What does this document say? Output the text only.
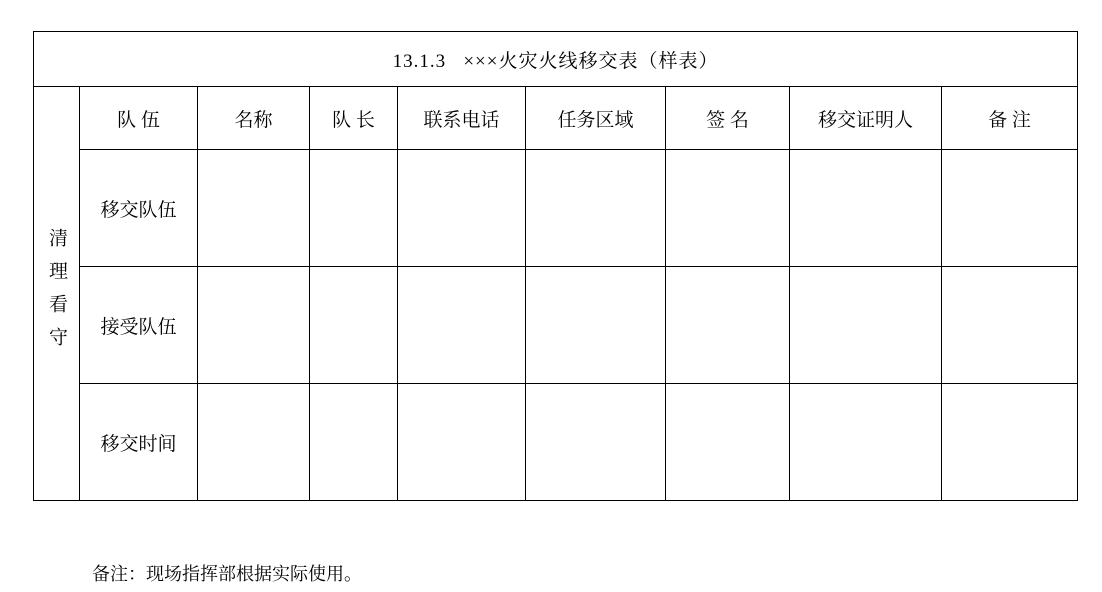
13.1.3   ×××火灾火线移交表（样表）								

清理看守	队 伍	名称	队 长	联系电话	任务区域	签 名	移交证明人	备 注
	移交队伍							
	接受队伍							
	移交时间							
备注：现场指挥部根据实际使用。
